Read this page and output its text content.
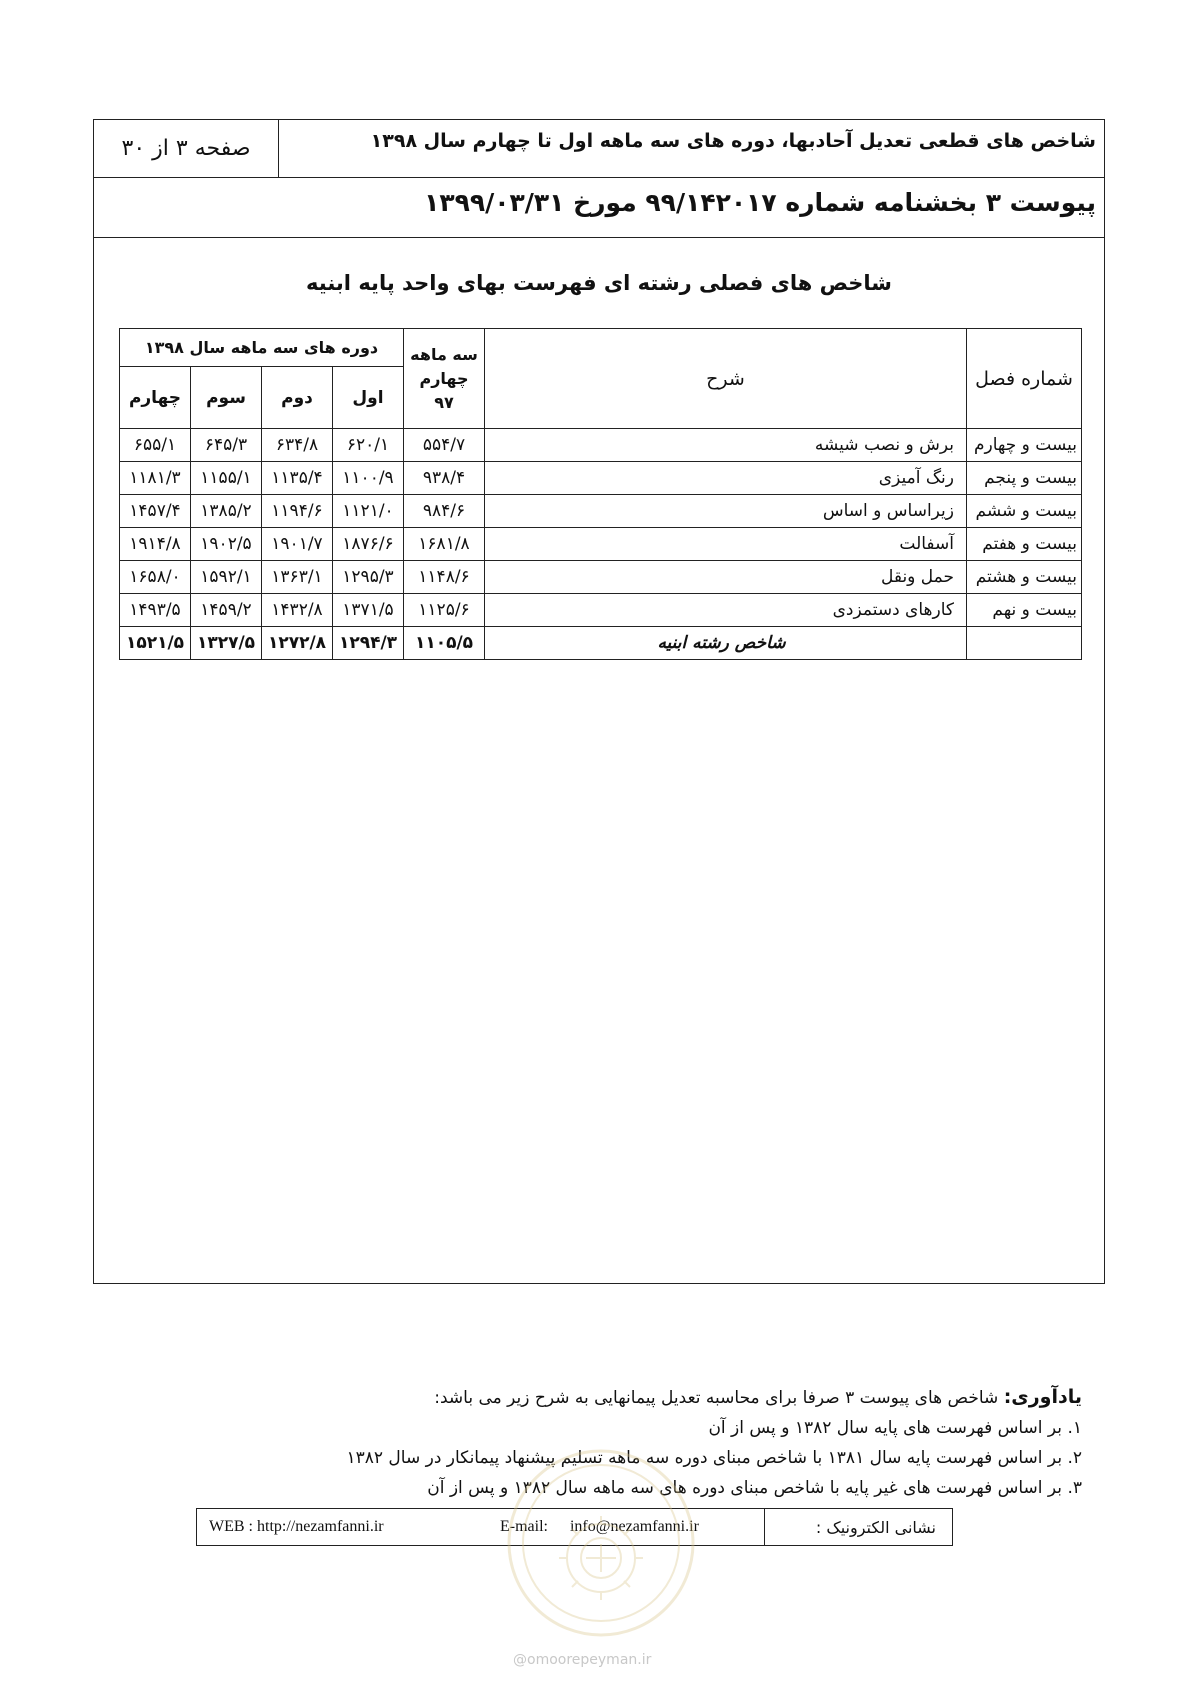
شاخص های قطعی تعدیل آحادبها، دوره های سه ماهه اول تا چهارم سال ۱۳۹۸
صفحه ۳ از ۳۰
پیوست ۳ بخشنامه شماره ۹۹/۱۴۲۰۱۷ مورخ ۱۳۹۹/۰۳/۳۱
شاخص های فصلی رشته ای فهرست بهای واحد پایه ابنیه
شماره فصل	شرح	سه ماهه چهارم ۹۷	دوره های سه ماهه سال ۱۳۹۸			
			اول	دوم	سوم	چهارم
بیست و چهارم	برش و نصب شیشه	۵۵۴/۷	۶۲۰/۱	۶۳۴/۸	۶۴۵/۳	۶۵۵/۱
بیست و پنجم	رنگ آمیزی	۹۳۸/۴	۱۱۰۰/۹	۱۱۳۵/۴	۱۱۵۵/۱	۱۱۸۱/۳
بیست و ششم	زیراساس و اساس	۹۸۴/۶	۱۱۲۱/۰	۱۱۹۴/۶	۱۳۸۵/۲	۱۴۵۷/۴
بیست و هفتم	آسفالت	۱۶۸۱/۸	۱۸۷۶/۶	۱۹۰۱/۷	۱۹۰۲/۵	۱۹۱۴/۸
بیست و هشتم	حمل ونقل	۱۱۴۸/۶	۱۲۹۵/۳	۱۳۶۳/۱	۱۵۹۲/۱	۱۶۵۸/۰
بیست و نهم	کارهای دستمزدی	۱۱۲۵/۶	۱۳۷۱/۵	۱۴۳۲/۸	۱۴۵۹/۲	۱۴۹۳/۵
	شاخص رشته ابنیه	۱۱۰۵/۵	۱۲۹۴/۳	۱۲۷۲/۸	۱۳۲۷/۵	۱۵۲۱/۵
یادآوری: شاخص های پیوست ۳ صرفا برای محاسبه تعدیل پیمانهایی به شرح زیر می باشد:
۱. بر اساس فهرست های پایه سال ۱۳۸۲ و پس از آن
۲. بر اساس فهرست پایه سال ۱۳۸۱ با شاخص مبنای دوره سه ماهه تسلیم پیشنهاد پیمانکار در سال ۱۳۸۲
۳. بر اساس فهرست های غیر پایه با شاخص مبنای دوره های سه ماهه سال ۱۳۸۲ و پس از آن
نشانی الکترونیک :
WEB : http://nezamfanni.ir	E-mail: info@nezamfanni.ir
@omoorepeyman.ir
